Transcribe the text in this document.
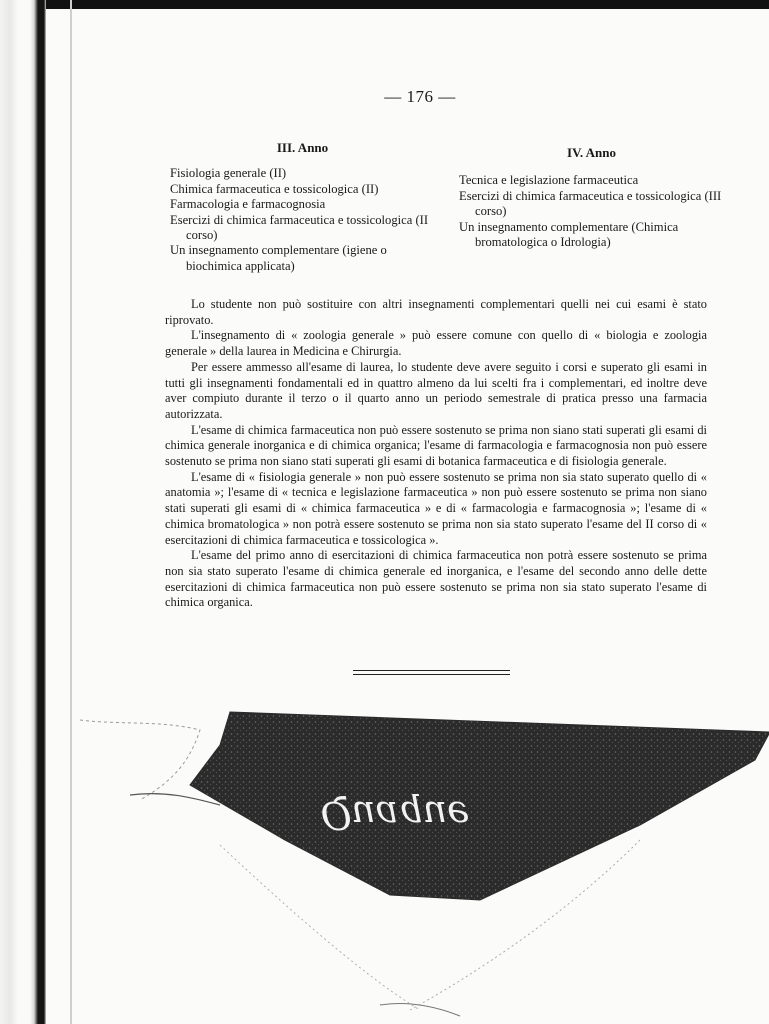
— 176 —
III. Anno

Fisiologia generale (II)

Chimica farmaceutica e tossicologica (II)

Farmacologia e farmacognosia

Esercizi di chimica farmaceutica e tossicologica (II corso)

Un insegnamento complementare (igiene o biochimica applicata)

IV. Anno

Tecnica e legislazione farmaceutica

Esercizi di chimica farmaceutica e tossicologica (III corso)

Un insegnamento complementare (Chimica bromatologica o Idrologia)

Lo studente non può sostituire con altri insegnamenti complementari quelli nei cui esami è stato riprovato.

L'insegnamento di « zoologia generale » può essere comune con quello di « biologia e zoologia generale » della laurea in Medicina e Chirurgia.

Per essere ammesso all'esame di laurea, lo studente deve avere seguito i corsi e superato gli esami in tutti gli insegnamenti fondamentali ed in quattro almeno da lui scelti fra i complementari, ed inoltre deve aver compiuto durante il terzo o il quarto anno un periodo semestrale di pratica presso una farmacia autorizzata.

L'esame di chimica farmaceutica non può essere sostenuto se prima non siano stati superati gli esami di chimica generale inorganica e di chimica organica; l'esame di farmacologia e farmacognosia non può essere sostenuto se prima non siano stati superati gli esami di botanica farmaceutica e di fisiologia generale.

L'esame di « fisiologia generale » non può essere sostenuto se prima non sia stato superato quello di « anatomia »; l'esame di « tecnica e legislazione farmaceutica » non può essere sostenuto se prima non siano stati superati gli esami di « chimica farmaceutica » e di « farmacologia e farmacognosia »; l'esame di « chimica bromatologica » non potrà essere sostenuto se prima non sia stato superato l'esame del II corso di « esercitazioni di chimica farmaceutica e tossicologica ».

L'esame del primo anno di esercitazioni di chimica farmaceutica non potrà essere sostenuto se prima non sia stato superato l'esame di chimica generale ed inorganica, e l'esame del secondo anno delle dette esercitazioni di chimica farmaceutica non può essere sostenuto se prima non sia stato superato l'esame di chimica organica.

Quaque
